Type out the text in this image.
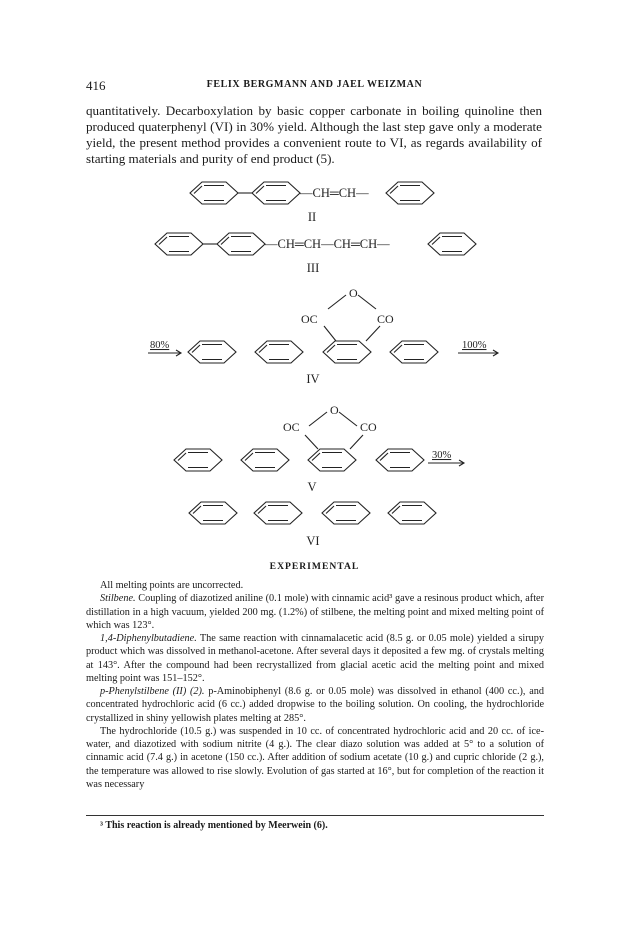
416	FELIX BERGMANN AND JAEL WEIZMAN

quantitatively. Decarboxylation by basic copper carbonate in boiling quinoline then produced quaterphenyl (VI) in 30% yield. Although the last step gave only a moderate yield, the present method provides a convenient route to VI, as regards availability of starting materials and purity of end product (5).

—CH═CH—
II
—CH═CH—CH═CH—
III
O
OC	CO
80%	100%
IV
O
OC	CO
30%
V
VI
EXPERIMENTAL

All melting points are uncorrected.

Stilbene. Coupling of diazotized aniline (0.1 mole) with cinnamic acid³ gave a resinous product which, after distillation in a high vacuum, yielded 200 mg. (1.2%) of stilbene, the melting point and mixed melting point of which was 123°.

1,4-Diphenylbutadiene. The same reaction with cinnamalacetic acid (8.5 g. or 0.05 mole) yielded a sirupy product which was dissolved in methanol-acetone. After several days it deposited a few mg. of crystals melting at 143°. After the compound had been recrystallized from glacial acetic acid the melting point and mixed melting point was 151–152°.

p-Phenylstilbene (II) (2). p-Aminobiphenyl (8.6 g. or 0.05 mole) was dissolved in ethanol (400 cc.), and concentrated hydrochloric acid (6 cc.) added dropwise to the boiling solution. On cooling, the hydrochloride crystallized in shiny yellowish plates melting at 285°.

The hydrochloride (10.5 g.) was suspended in 10 cc. of concentrated hydrochloric acid and 20 cc. of ice-water, and diazotized with sodium nitrite (4 g.). The clear diazo solution was added at 5° to a solution of cinnamic acid (7.4 g.) in acetone (150 cc.). After addition of sodium acetate (10 g.) and cupric chloride (2 g.), the temperature was allowed to rise slowly. Evolution of gas started at 16°, but for completion of the reaction it was necessary

³ This reaction is already mentioned by Meerwein (6).
